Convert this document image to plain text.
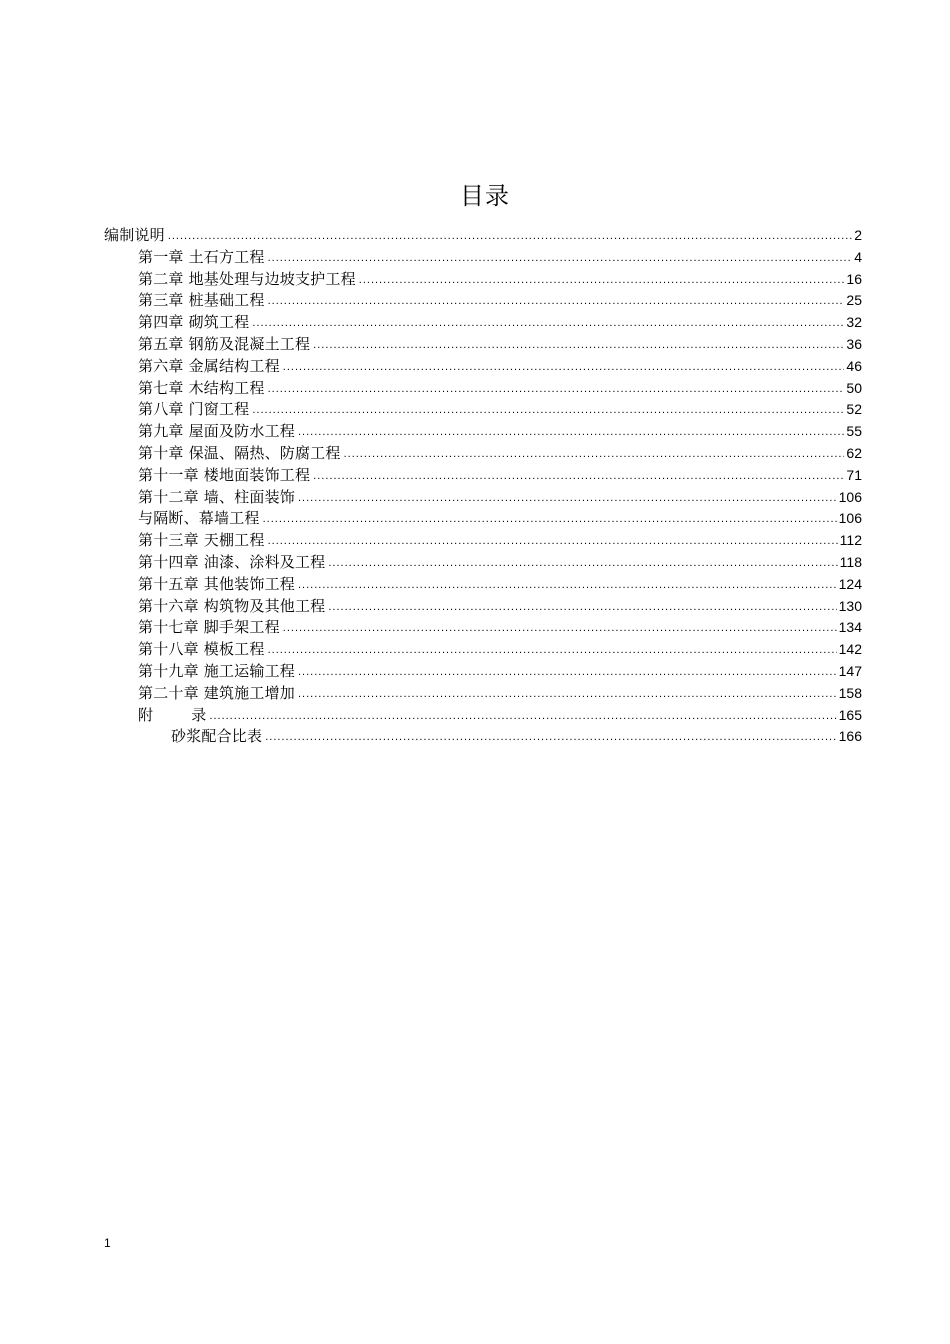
目录
编制说明 .....	2
第一章 土石方工程 .....	4
第二章 地基处理与边坡支护工程 .....	16
第三章 桩基础工程 .....	25
第四章 砌筑工程 .....	32
第五章 钢筋及混凝土工程 .....	36
第六章 金属结构工程 .....	46
第七章 木结构工程 .....	50
第八章 门窗工程 .....	52
第九章 屋面及防水工程 .....	55
第十章 保温、隔热、防腐工程 .....	62
第十一章 楼地面装饰工程 .....	71
第十二章 墙、柱面装饰 .....	106
与隔断、幕墙工程 .....	106
第十三章 天棚工程 .....	112
第十四章 油漆、涂料及工程 .....	118
第十五章 其他装饰工程 .....	124
第十六章 构筑物及其他工程 .....	130
第十七章 脚手架工程 .....	134
第十八章 模板工程 .....	142
第十九章 施工运输工程 .....	147
第二十章 建筑施工增加 .....	158
附	录 .....	165
砂浆配合比表 .....	166
1
